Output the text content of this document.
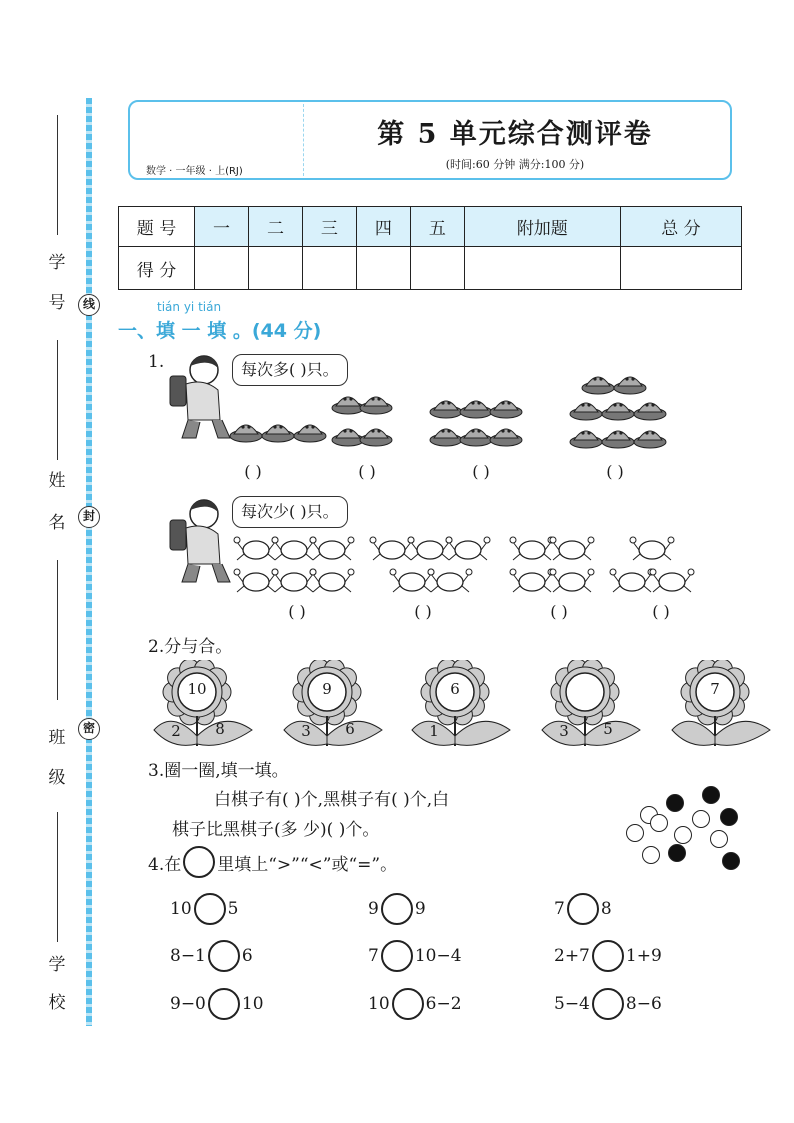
学
号
姓
名
班
级
学
校
线
封
密
数学 · 一年级 · 上(RJ)
第 5 单元综合测评卷
(时间:60 分钟 满分:100 分)
题 号	一	二	三	四	五	附加题	总 分
得 分							
tián yi tián
一、填 一 填 。(44 分)
1.	每次多( )只。
( )	( )	( )	( )
每次少( )只。
( )	( )	( )	( )
2.分与合。
10
2	8
9
3	6
6
1	3	5
7
3.圈一圈,填一填。
白棋子有( )个,黑棋子有( )个,白
棋子比黑棋子(多 少)( )个。
4.在 里填上“>”“<”或“=”。
10 5	9 9	7 8
8−1 6	7 10−4	2+7 1+9
9−0 10	10 6−2	5−4 8−6
